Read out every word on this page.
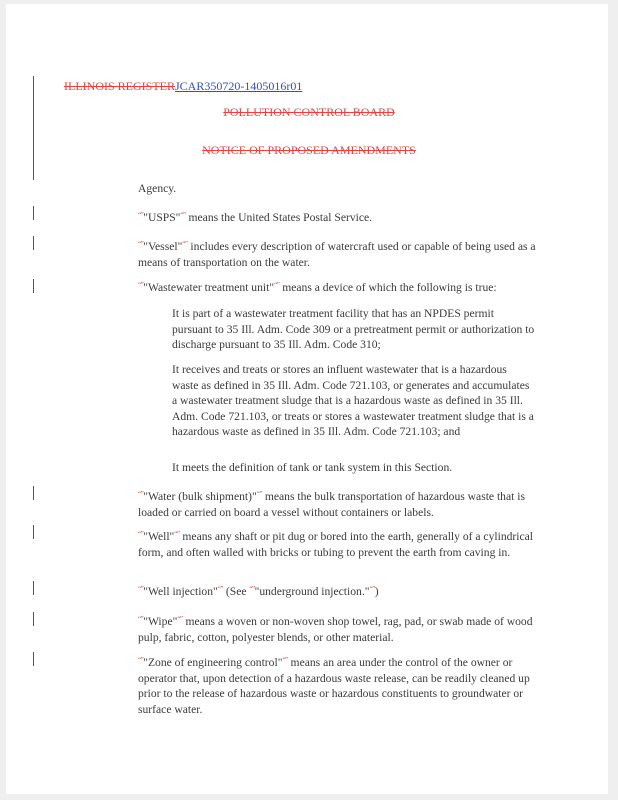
ILLINOIS REGISTERJCAR350720-1405016r01
POLLUTION CONTROL BOARD
NOTICE OF PROPOSED AMENDMENTS
Agency.
“”"USPS"“” means the United States Postal Service.
“”"Vessel"“” includes every description of watercraft used or capable of being used as a means of transportation on the water.
“”"Wastewater treatment unit"“” means a device of which the following is true:
It is part of a wastewater treatment facility that has an NPDES permit pursuant to 35 Ill. Adm. Code 309 or a pretreatment permit or authorization to discharge pursuant to 35 Ill. Adm. Code 310;
It receives and treats or stores an influent wastewater that is a hazardous waste as defined in 35 Ill. Adm. Code 721.103, or generates and accumulates a wastewater treatment sludge that is a hazardous waste as defined in 35 Ill. Adm. Code 721.103, or treats or stores a wastewater treatment sludge that is a hazardous waste as defined in 35 Ill. Adm. Code 721.103; and
It meets the definition of tank or tank system in this Section.
“”"Water (bulk shipment)"“” means the bulk transportation of hazardous waste that is loaded or carried on board a vessel without containers or labels.
“”"Well"“” means any shaft or pit dug or bored into the earth, generally of a cylindrical form, and often walled with bricks or tubing to prevent the earth from caving in.
“”"Well injection"“” (See “”"underground injection."“”)
“”"Wipe"“” means a woven or non-woven shop towel, rag, pad, or swab made of wood pulp, fabric, cotton, polyester blends, or other material.
“”"Zone of engineering control"“” means an area under the control of the owner or operator that, upon detection of a hazardous waste release, can be readily cleaned up prior to the release of hazardous waste or hazardous constituents to groundwater or surface water.
